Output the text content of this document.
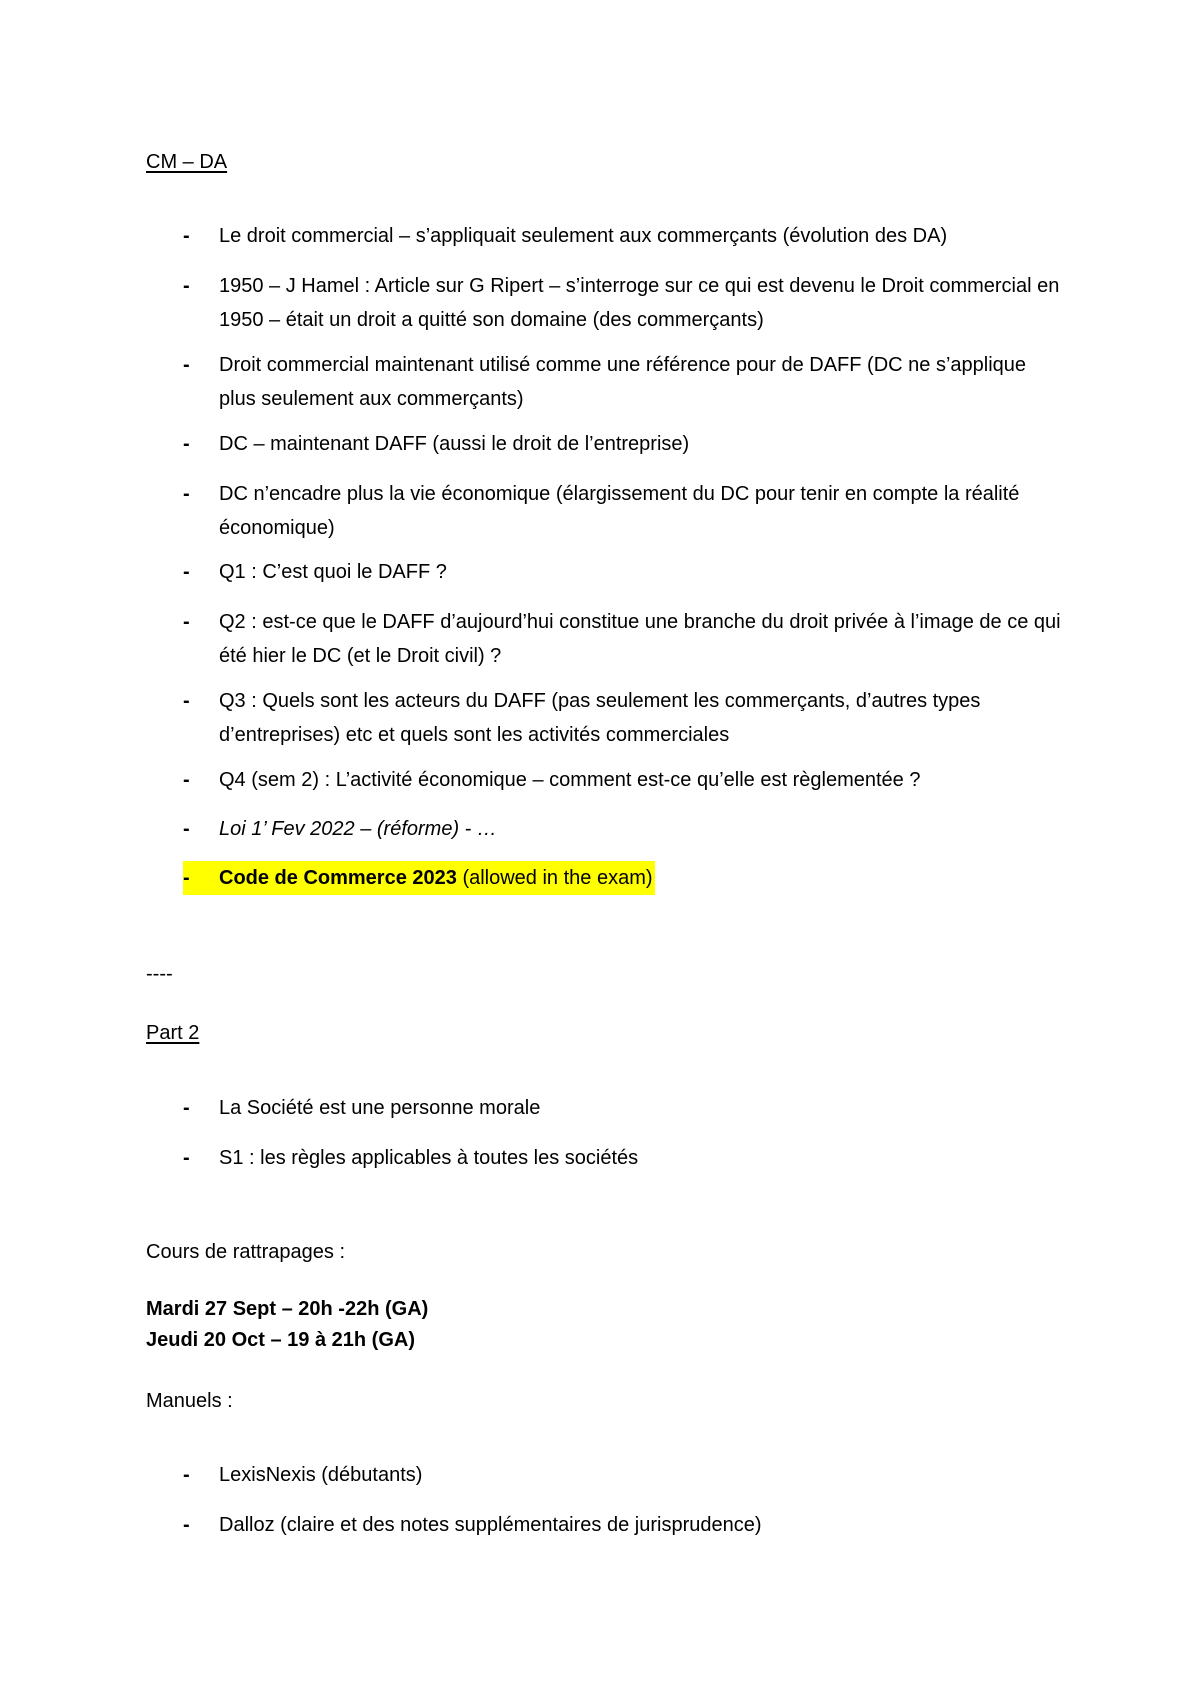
CM – DA
-	Le droit commercial – s’appliquait seulement aux commerçants (évolution des DA)
-	1950 – J Hamel : Article sur G Ripert – s’interroge sur ce qui est devenu le Droit commercial en 1950 – était un droit a quitté son domaine (des commerçants)
-	Droit commercial maintenant utilisé comme une référence pour de DAFF (DC ne s’applique plus seulement aux commerçants)
-	DC – maintenant DAFF (aussi le droit de l’entreprise)
-	DC n’encadre plus la vie économique (élargissement du DC pour tenir en compte la réalité économique)
-	Q1 : C’est quoi le DAFF ?
-	Q2 : est-ce que le DAFF d’aujourd’hui constitue une branche du droit privée à l’image de ce qui été hier le DC (et le Droit civil) ?
-	Q3 : Quels sont les acteurs du DAFF (pas seulement les commerçants, d’autres types d’entreprises) etc et quels sont les activités commerciales
-	Q4 (sem 2) : L’activité économique – comment est-ce qu’elle est règlementée ?
-	Loi 1’ Fev 2022 – (réforme) - …
-	Code de Commerce 2023 (allowed in the exam)
----
Part 2
-	La Société est une personne morale
-	S1 : les règles applicables à toutes les sociétés
Cours de rattrapages :
Mardi 27 Sept – 20h -22h (GA)
Jeudi 20 Oct – 19 à 21h (GA)
Manuels :
-	LexisNexis (débutants)
-	Dalloz (claire et des notes supplémentaires de jurisprudence)
